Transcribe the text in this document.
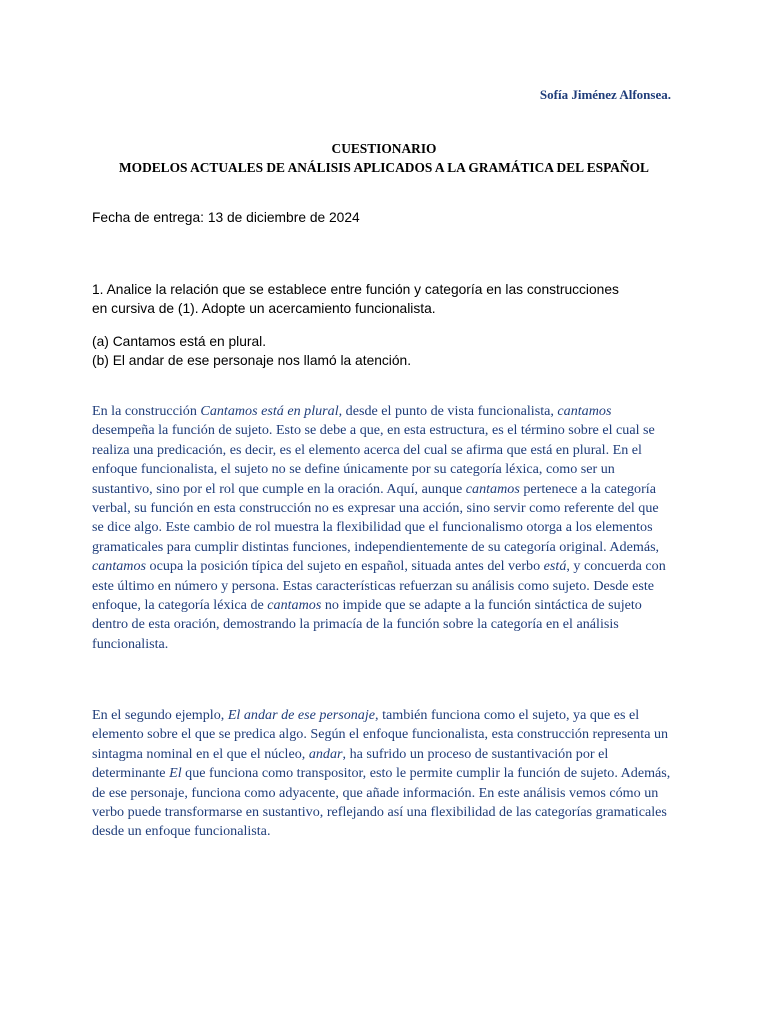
Sofía Jiménez Alfonsea.
CUESTIONARIO
MODELOS ACTUALES DE ANÁLISIS APLICADOS A LA GRAMÁTICA DEL ESPAÑOL
Fecha de entrega: 13 de diciembre de 2024

1. Analice la relación que se establece entre función y categoría en las construcciones

en cursiva de (1). Adopte un acercamiento funcionalista.

(a) Cantamos está en plural.

(b) El andar de ese personaje nos llamó la atención.

En la construcción Cantamos está en plural, desde el punto de vista funcionalista, cantamos desempeña la función de sujeto. Esto se debe a que, en esta estructura, es el término sobre el cual se realiza una predicación, es decir, es el elemento acerca del cual se afirma que está en plural. En el enfoque funcionalista, el sujeto no se define únicamente por su categoría léxica, como ser un sustantivo, sino por el rol que cumple en la oración. Aquí, aunque cantamos pertenece a la categoría verbal, su función en esta construcción no es expresar una acción, sino servir como referente del que se dice algo. Este cambio de rol muestra la flexibilidad que el funcionalismo otorga a los elementos gramaticales para cumplir distintas funciones, independientemente de su categoría original. Además, cantamos ocupa la posición típica del sujeto en español, situada antes del verbo está, y concuerda con este último en número y persona. Estas características refuerzan su análisis como sujeto. Desde este enfoque, la categoría léxica de cantamos no impide que se adapte a la función sintáctica de sujeto dentro de esta oración, demostrando la primacía de la función sobre la categoría en el análisis funcionalista.

En el segundo ejemplo, El andar de ese personaje, también funciona como el sujeto, ya que es el elemento sobre el que se predica algo. Según el enfoque funcionalista, esta construcción representa un sintagma nominal en el que el núcleo, andar, ha sufrido un proceso de sustantivación por el determinante El que funciona como transpositor, esto le permite cumplir la función de sujeto. Además, de ese personaje, funciona como adyacente, que añade información. En este análisis vemos cómo un verbo puede transformarse en sustantivo, reflejando así una flexibilidad de las categorías gramaticales desde un enfoque funcionalista.
